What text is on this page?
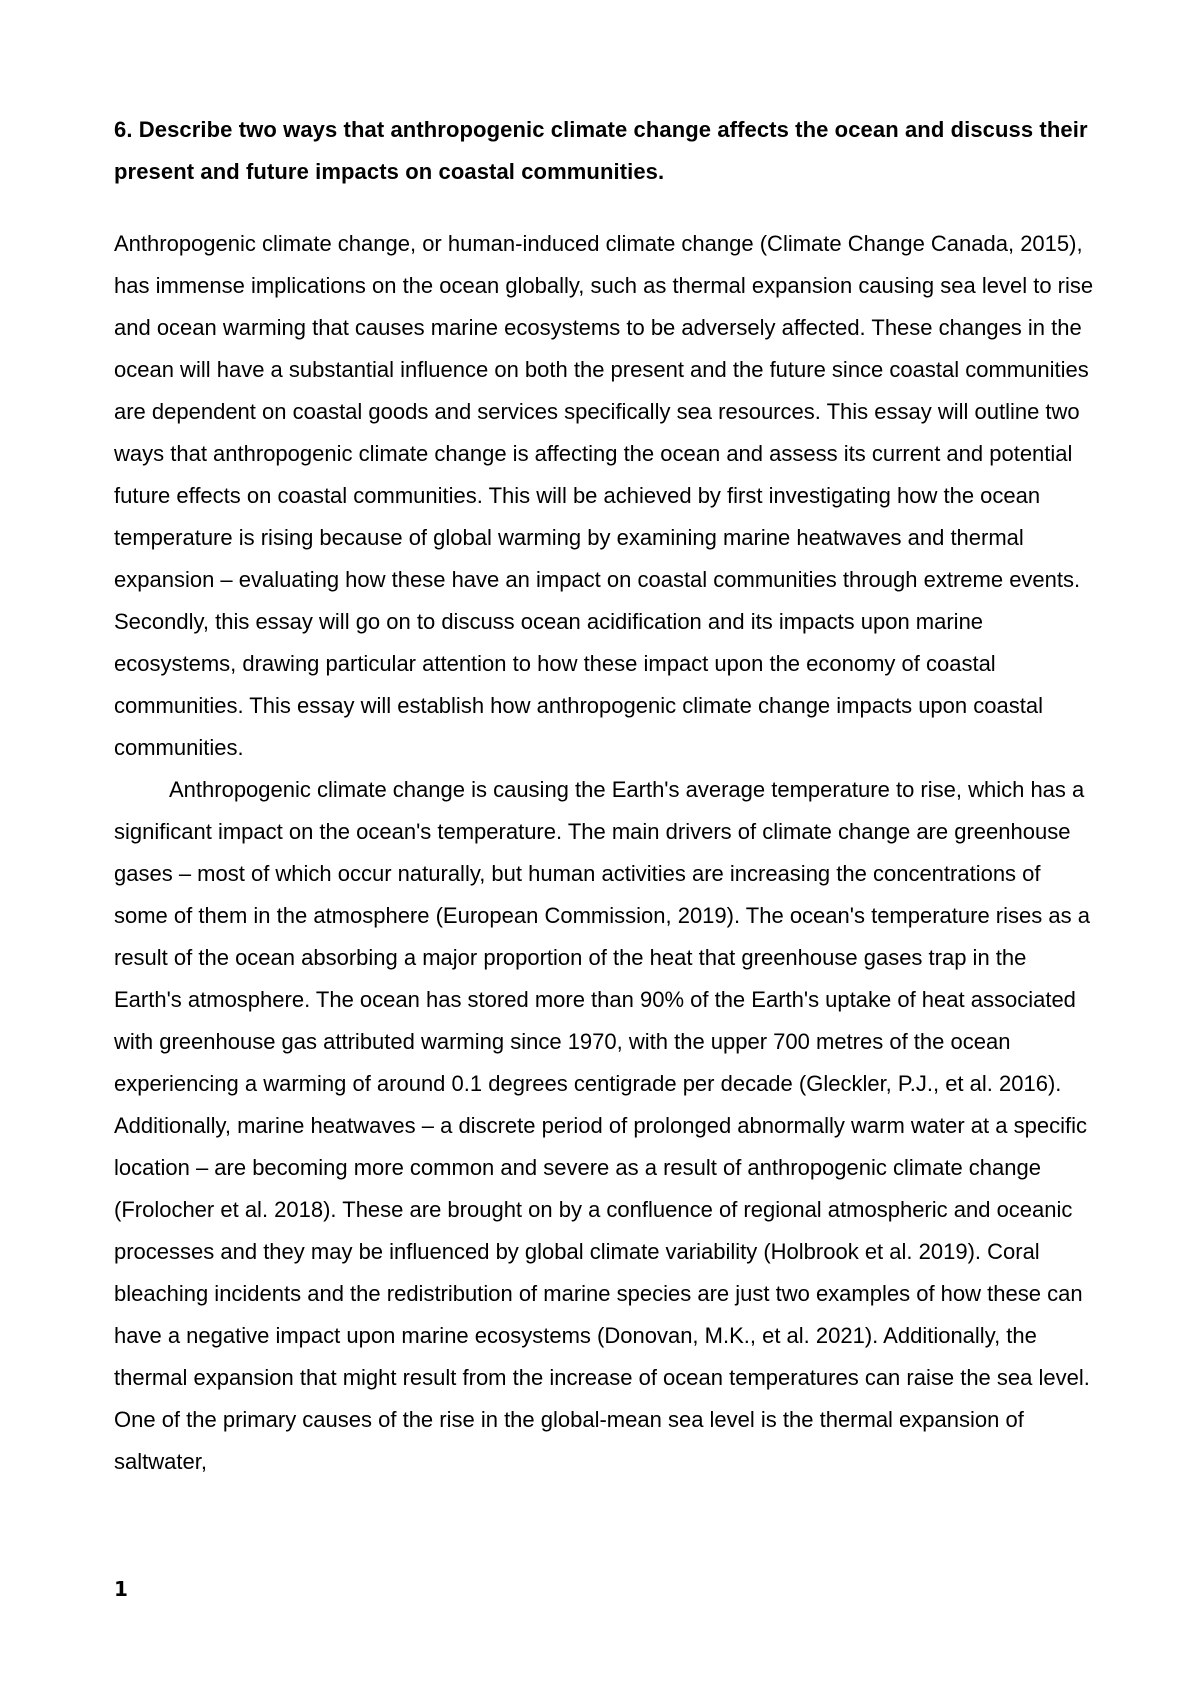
6. Describe two ways that anthropogenic climate change affects the ocean and discuss their present and future impacts on coastal communities.

Anthropogenic climate change, or human-induced climate change (Climate Change Canada, 2015), has immense implications on the ocean globally, such as thermal expansion causing sea level to rise and ocean warming that causes marine ecosystems to be adversely affected. These changes in the ocean will have a substantial influence on both the present and the future since coastal communities are dependent on coastal goods and services specifically sea resources. This essay will outline two ways that anthropogenic climate change is affecting the ocean and assess its current and potential future effects on coastal communities. This will be achieved by first investigating how the ocean temperature is rising because of global warming by examining marine heatwaves and thermal expansion – evaluating how these have an impact on coastal communities through extreme events. Secondly, this essay will go on to discuss ocean acidification and its impacts upon marine ecosystems, drawing particular attention to how these impact upon the economy of coastal communities. This essay will establish how anthropogenic climate change impacts upon coastal communities.

Anthropogenic climate change is causing the Earth's average temperature to rise, which has a significant impact on the ocean's temperature. The main drivers of climate change are greenhouse gases – most of which occur naturally, but human activities are increasing the concentrations of some of them in the atmosphere (European Commission, 2019). The ocean's temperature rises as a result of the ocean absorbing a major proportion of the heat that greenhouse gases trap in the Earth's atmosphere. The ocean has stored more than 90% of the Earth's uptake of heat associated with greenhouse gas attributed warming since 1970, with the upper 700 metres of the ocean experiencing a warming of around 0.1 degrees centigrade per decade (Gleckler, P.J., et al. 2016). Additionally, marine heatwaves – a discrete period of prolonged abnormally warm water at a specific location – are becoming more common and severe as a result of anthropogenic climate change (Frolocher et al. 2018). These are brought on by a confluence of regional atmospheric and oceanic processes and they may be influenced by global climate variability (Holbrook et al. 2019). Coral bleaching incidents and the redistribution of marine species are just two examples of how these can have a negative impact upon marine ecosystems (Donovan, M.K., et al. 2021). Additionally, the thermal expansion that might result from the increase of ocean temperatures can raise the sea level. One of the primary causes of the rise in the global-mean sea level is the thermal expansion of saltwater,

1
